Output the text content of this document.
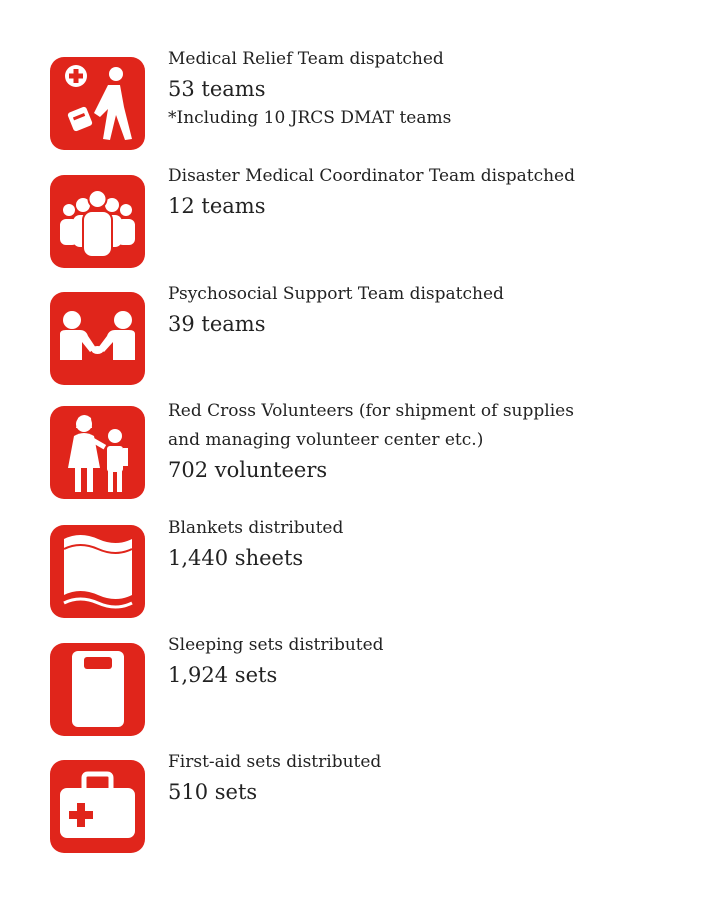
Medical Relief Team dispatched
53 teams
*Including 10 JRCS DMAT teams
Disaster Medical Coordinator Team dispatched
12 teams
Psychosocial Support Team dispatched
39 teams
Red Cross Volunteers (for shipment of supplies
and managing volunteer center etc.)
702 volunteers
Blankets distributed
1,440 sheets
Sleeping sets distributed
1,924 sets
First-aid sets distributed
510 sets
